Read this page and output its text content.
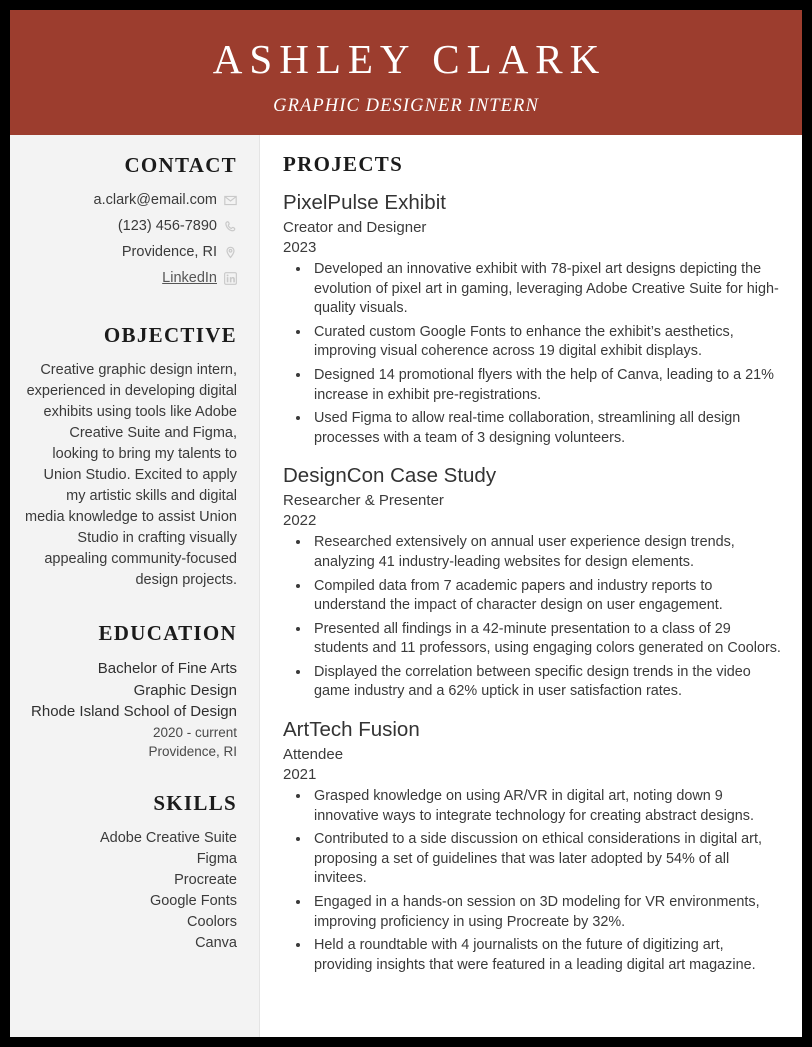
ASHLEY CLARK
GRAPHIC DESIGNER INTERN
CONTACT
a.clark@email.com
(123) 456-7890
Providence, RI
LinkedIn
OBJECTIVE

Creative graphic design intern, experienced in developing digital exhibits using tools like Adobe Creative Suite and Figma, looking to bring my talents to Union Studio. Excited to apply my artistic skills and digital media knowledge to assist Union Studio in crafting visually appealing community-focused design projects.

EDUCATION
Bachelor of Fine Arts
Graphic Design
Rhode Island School of Design
2020 - current
Providence, RI
SKILLS
Adobe Creative Suite
Figma
Procreate
Google Fonts
Coolors
Canva
PROJECTS
PixelPulse Exhibit
Creator and Designer
2023
• Developed an innovative exhibit with 78-pixel art designs depicting the evolution of pixel art in gaming, leveraging Adobe Creative Suite for high-quality visuals.
• Curated custom Google Fonts to enhance the exhibit’s aesthetics, improving visual coherence across 19 digital exhibit displays.
• Designed 14 promotional flyers with the help of Canva, leading to a 21% increase in exhibit pre-registrations.
• Used Figma to allow real-time collaboration, streamlining all design processes with a team of 3 designing volunteers.
DesignCon Case Study
Researcher & Presenter
2022
• Researched extensively on annual user experience design trends, analyzing 41 industry-leading websites for design elements.
• Compiled data from 7 academic papers and industry reports to understand the impact of character design on user engagement.
• Presented all findings in a 42-minute presentation to a class of 29 students and 11 professors, using engaging colors generated on Coolors.
• Displayed the correlation between specific design trends in the video game industry and a 62% uptick in user satisfaction rates.
ArtTech Fusion
Attendee
2021
• Grasped knowledge on using AR/VR in digital art, noting down 9 innovative ways to integrate technology for creating abstract designs.
• Contributed to a side discussion on ethical considerations in digital art, proposing a set of guidelines that was later adopted by 54% of all invitees.
• Engaged in a hands-on session on 3D modeling for VR environments, improving proficiency in using Procreate by 32%.
• Held a roundtable with 4 journalists on the future of digitizing art, providing insights that were featured in a leading digital art magazine.
